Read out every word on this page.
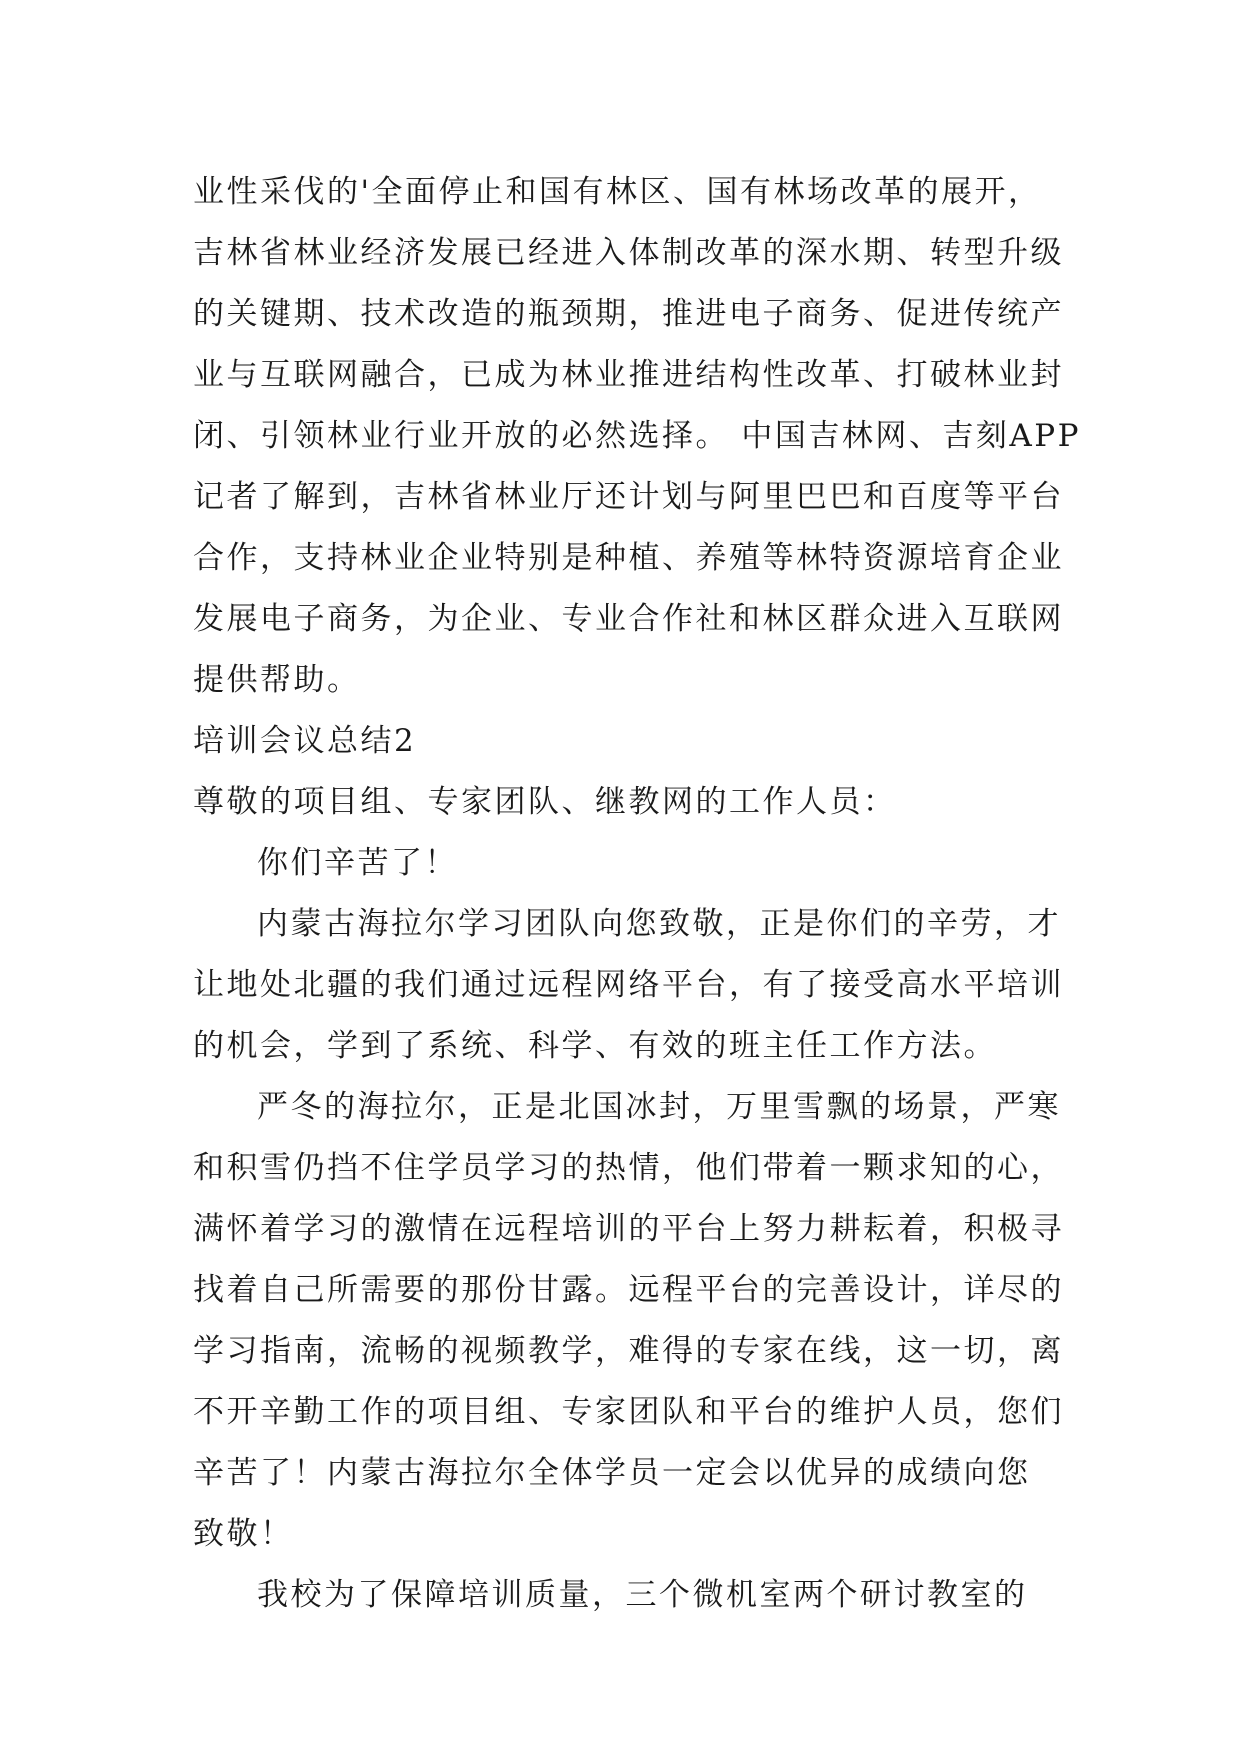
业性采伐的'全面停止和国有林区、国有林场改革的展开，
吉林省林业经济发展已经进入体制改革的深水期、转型升级
的关键期、技术改造的瓶颈期，推进电子商务、促进传统产
业与互联网融合，已成为林业推进结构性改革、打破林业封
闭、引领林业行业开放的必然选择。 中国吉林网、吉刻APP
记者了解到，吉林省林业厅还计划与阿里巴巴和百度等平台
合作，支持林业企业特别是种植、养殖等林特资源培育企业
发展电子商务，为企业、专业合作社和林区群众进入互联网
提供帮助。
培训会议总结2
尊敬的项目组、专家团队、继教网的工作人员：
你们辛苦了！
内蒙古海拉尔学习团队向您致敬，正是你们的辛劳，才
让地处北疆的我们通过远程网络平台，有了接受高水平培训
的机会，学到了系统、科学、有效的班主任工作方法。
严冬的海拉尔，正是北国冰封，万里雪飘的场景，严寒
和积雪仍挡不住学员学习的热情，他们带着一颗求知的心，
满怀着学习的激情在远程培训的平台上努力耕耘着，积极寻
找着自己所需要的那份甘露。远程平台的完善设计，详尽的
学习指南，流畅的视频教学，难得的专家在线，这一切，离
不开辛勤工作的项目组、专家团队和平台的维护人员，您们
辛苦了！内蒙古海拉尔全体学员一定会以优异的成绩向您
致敬！
我校为了保障培训质量，三个微机室两个研讨教室的
